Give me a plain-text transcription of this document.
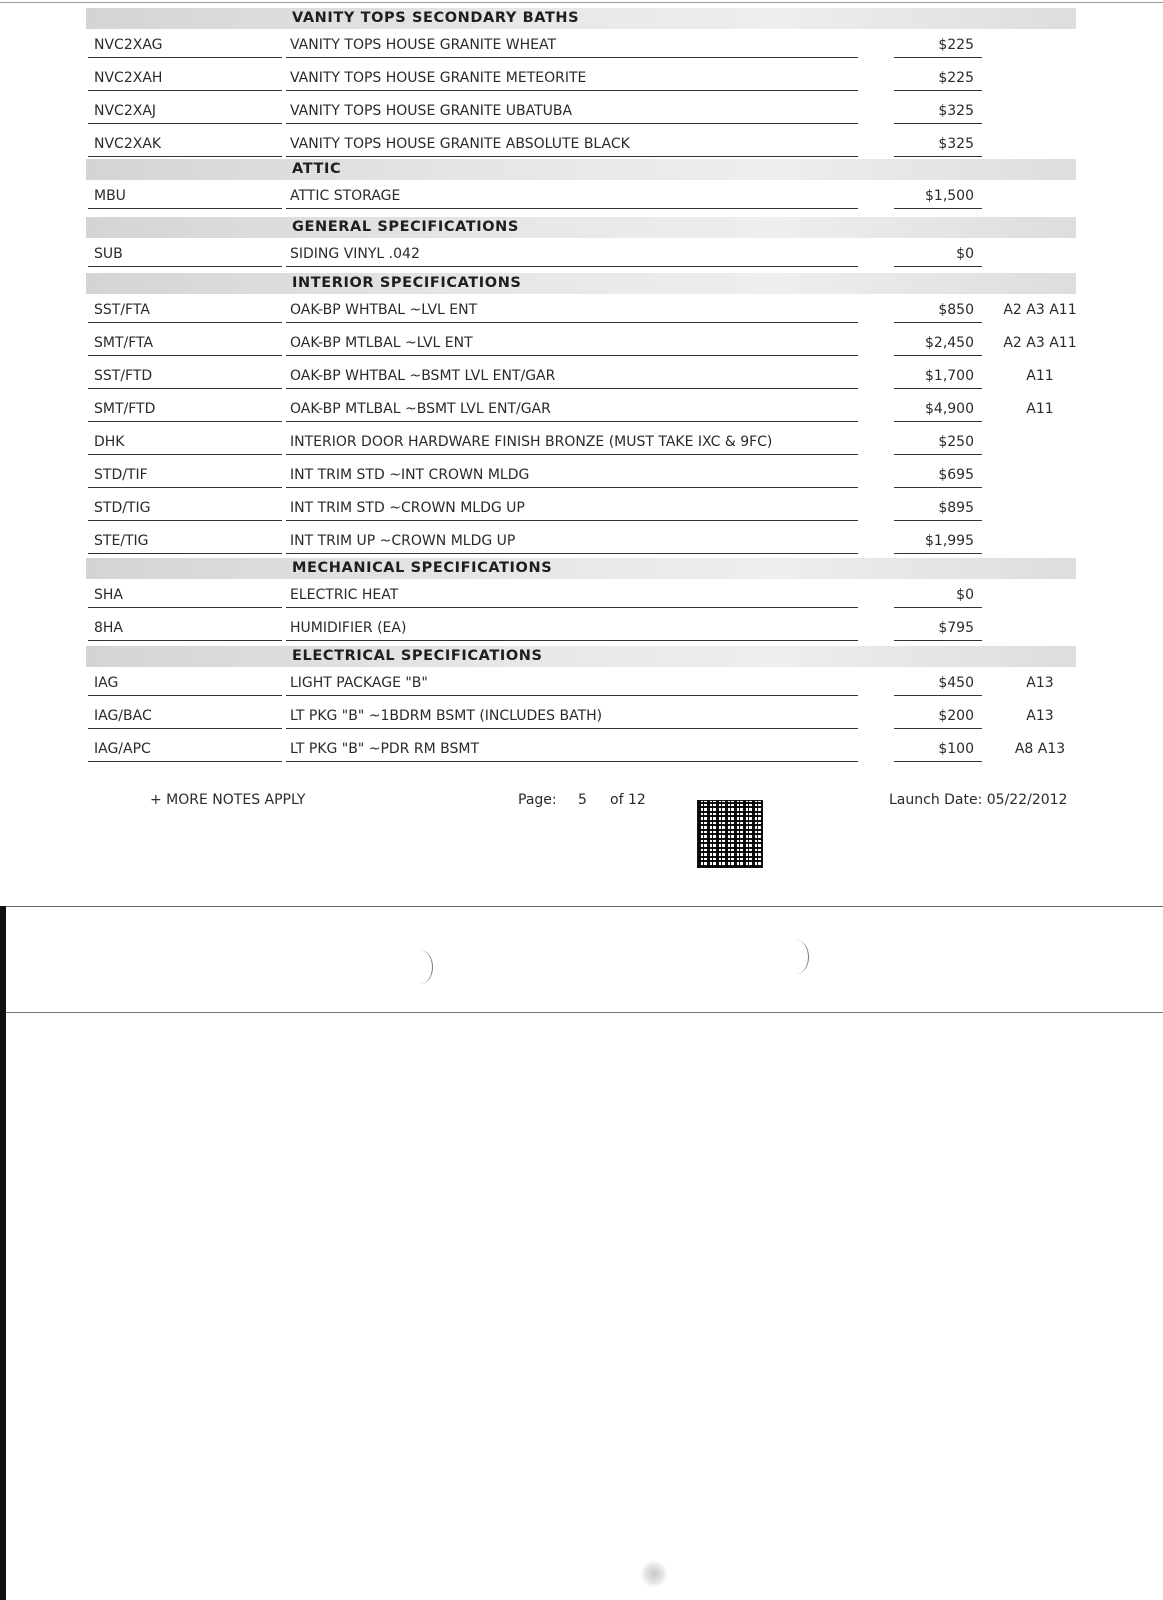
VANITY TOPS SECONDARY BATHS
NVC2XAG	VANITY TOPS HOUSE GRANITE WHEAT	$225
NVC2XAH	VANITY TOPS HOUSE GRANITE METEORITE	$225
NVC2XAJ	VANITY TOPS HOUSE GRANITE UBATUBA	$325
NVC2XAK	VANITY TOPS HOUSE GRANITE ABSOLUTE BLACK	$325
ATTIC
MBU	ATTIC STORAGE	$1,500
GENERAL SPECIFICATIONS
SUB	SIDING VINYL .042	$0
INTERIOR SPECIFICATIONS
SST/FTA	OAK-BP WHTBAL ~LVL ENT	$850	A2 A3 A11
SMT/FTA	OAK-BP MTLBAL ~LVL ENT	$2,450	A2 A3 A11
SST/FTD	OAK-BP WHTBAL ~BSMT LVL ENT/GAR	$1,700	A11
SMT/FTD	OAK-BP MTLBAL ~BSMT LVL ENT/GAR	$4,900	A11
DHK	INTERIOR DOOR HARDWARE FINISH BRONZE (MUST TAKE IXC & 9FC)	$250
STD/TIF	INT TRIM STD ~INT CROWN MLDG	$695
STD/TIG	INT TRIM STD ~CROWN MLDG UP	$895
STE/TIG	INT TRIM UP ~CROWN MLDG UP	$1,995
MECHANICAL SPECIFICATIONS
SHA	ELECTRIC HEAT	$0
8HA	HUMIDIFIER (EA)	$795
ELECTRICAL SPECIFICATIONS
IAG	LIGHT PACKAGE "B"	$450	A13
IAG/BAC	LT PKG "B" ~1BDRM BSMT (INCLUDES BATH)	$200	A13
IAG/APC	LT PKG "B" ~PDR RM BSMT	$100	A8 A13
+ MORE NOTES APPLY	Page: 5 of 12	Launch Date: 05/22/2012
